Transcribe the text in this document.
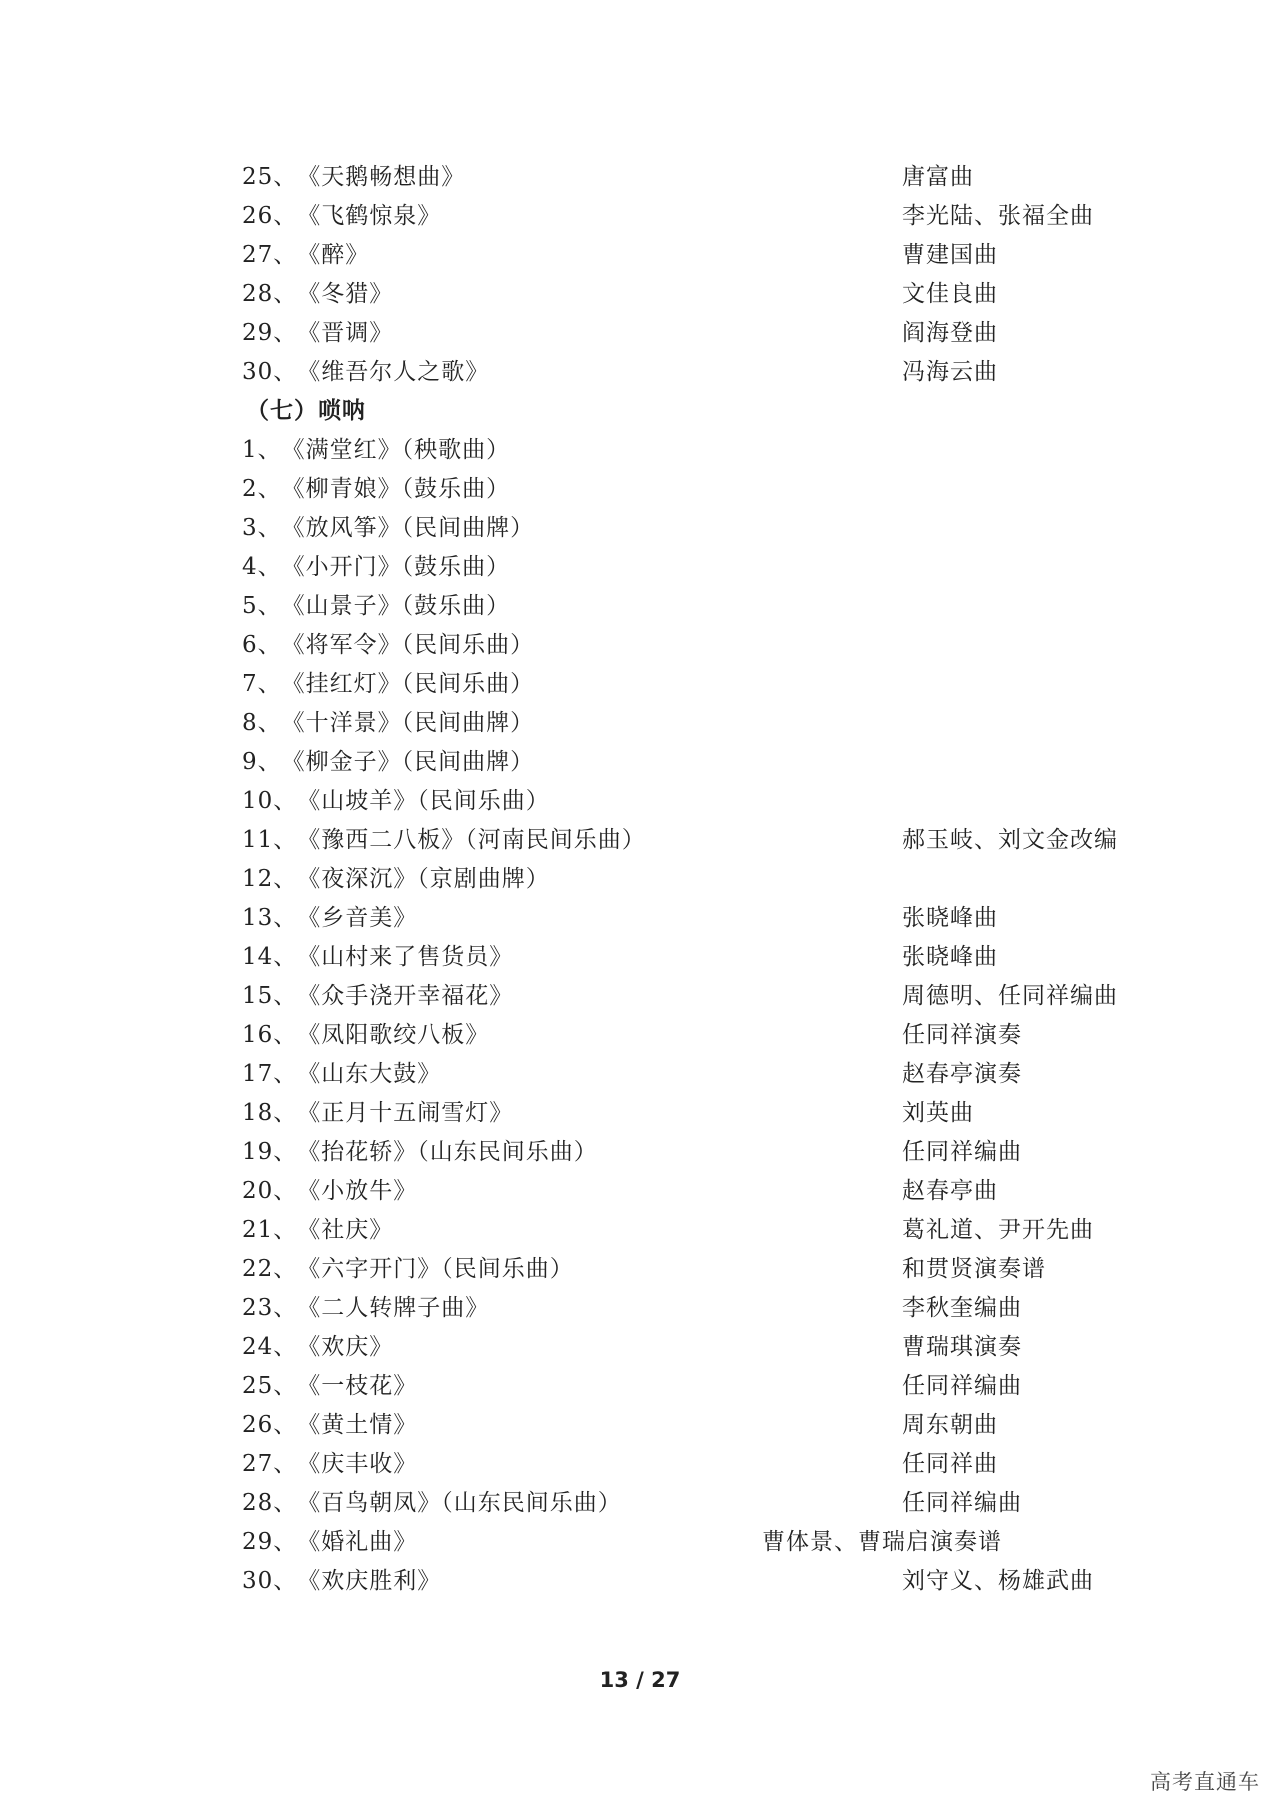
25、《天鹅畅想曲》	唐富曲
26、《飞鹤惊泉》	李光陆、张福全曲
27、《醉》	曹建国曲
28、《冬猎》	文佳良曲
29、《晋调》	阎海登曲
30、《维吾尔人之歌》	冯海云曲
（七）唢呐
1、《满堂红》（秧歌曲）
2、《柳青娘》（鼓乐曲）
3、《放风筝》（民间曲牌）
4、《小开门》（鼓乐曲）
5、《山景子》（鼓乐曲）
6、《将军令》（民间乐曲）
7、《挂红灯》（民间乐曲）
8、《十洋景》（民间曲牌）
9、《柳金子》（民间曲牌）
10、《山坡羊》（民间乐曲）
11、《豫西二八板》（河南民间乐曲）	郝玉岐、刘文金改编
12、《夜深沉》（京剧曲牌）
13、《乡音美》	张晓峰曲
14、《山村来了售货员》	张晓峰曲
15、《众手浇开幸福花》	周德明、任同祥编曲
16、《凤阳歌绞八板》	任同祥演奏
17、《山东大鼓》	赵春亭演奏
18、《正月十五闹雪灯》	刘英曲
19、《抬花轿》（山东民间乐曲）	任同祥编曲
20、《小放牛》	赵春亭曲
21、《社庆》	葛礼道、尹开先曲
22、《六字开门》（民间乐曲）	和贯贤演奏谱
23、《二人转牌子曲》	李秋奎编曲
24、《欢庆》	曹瑞琪演奏
25、《一枝花》	任同祥编曲
26、《黄土情》	周东朝曲
27、《庆丰收》	任同祥曲
28、《百鸟朝凤》（山东民间乐曲）	任同祥编曲
29、《婚礼曲》	曹体景、曹瑞启演奏谱
30、《欢庆胜利》	刘守义、杨雄武曲
13 / 27
高考直通车
